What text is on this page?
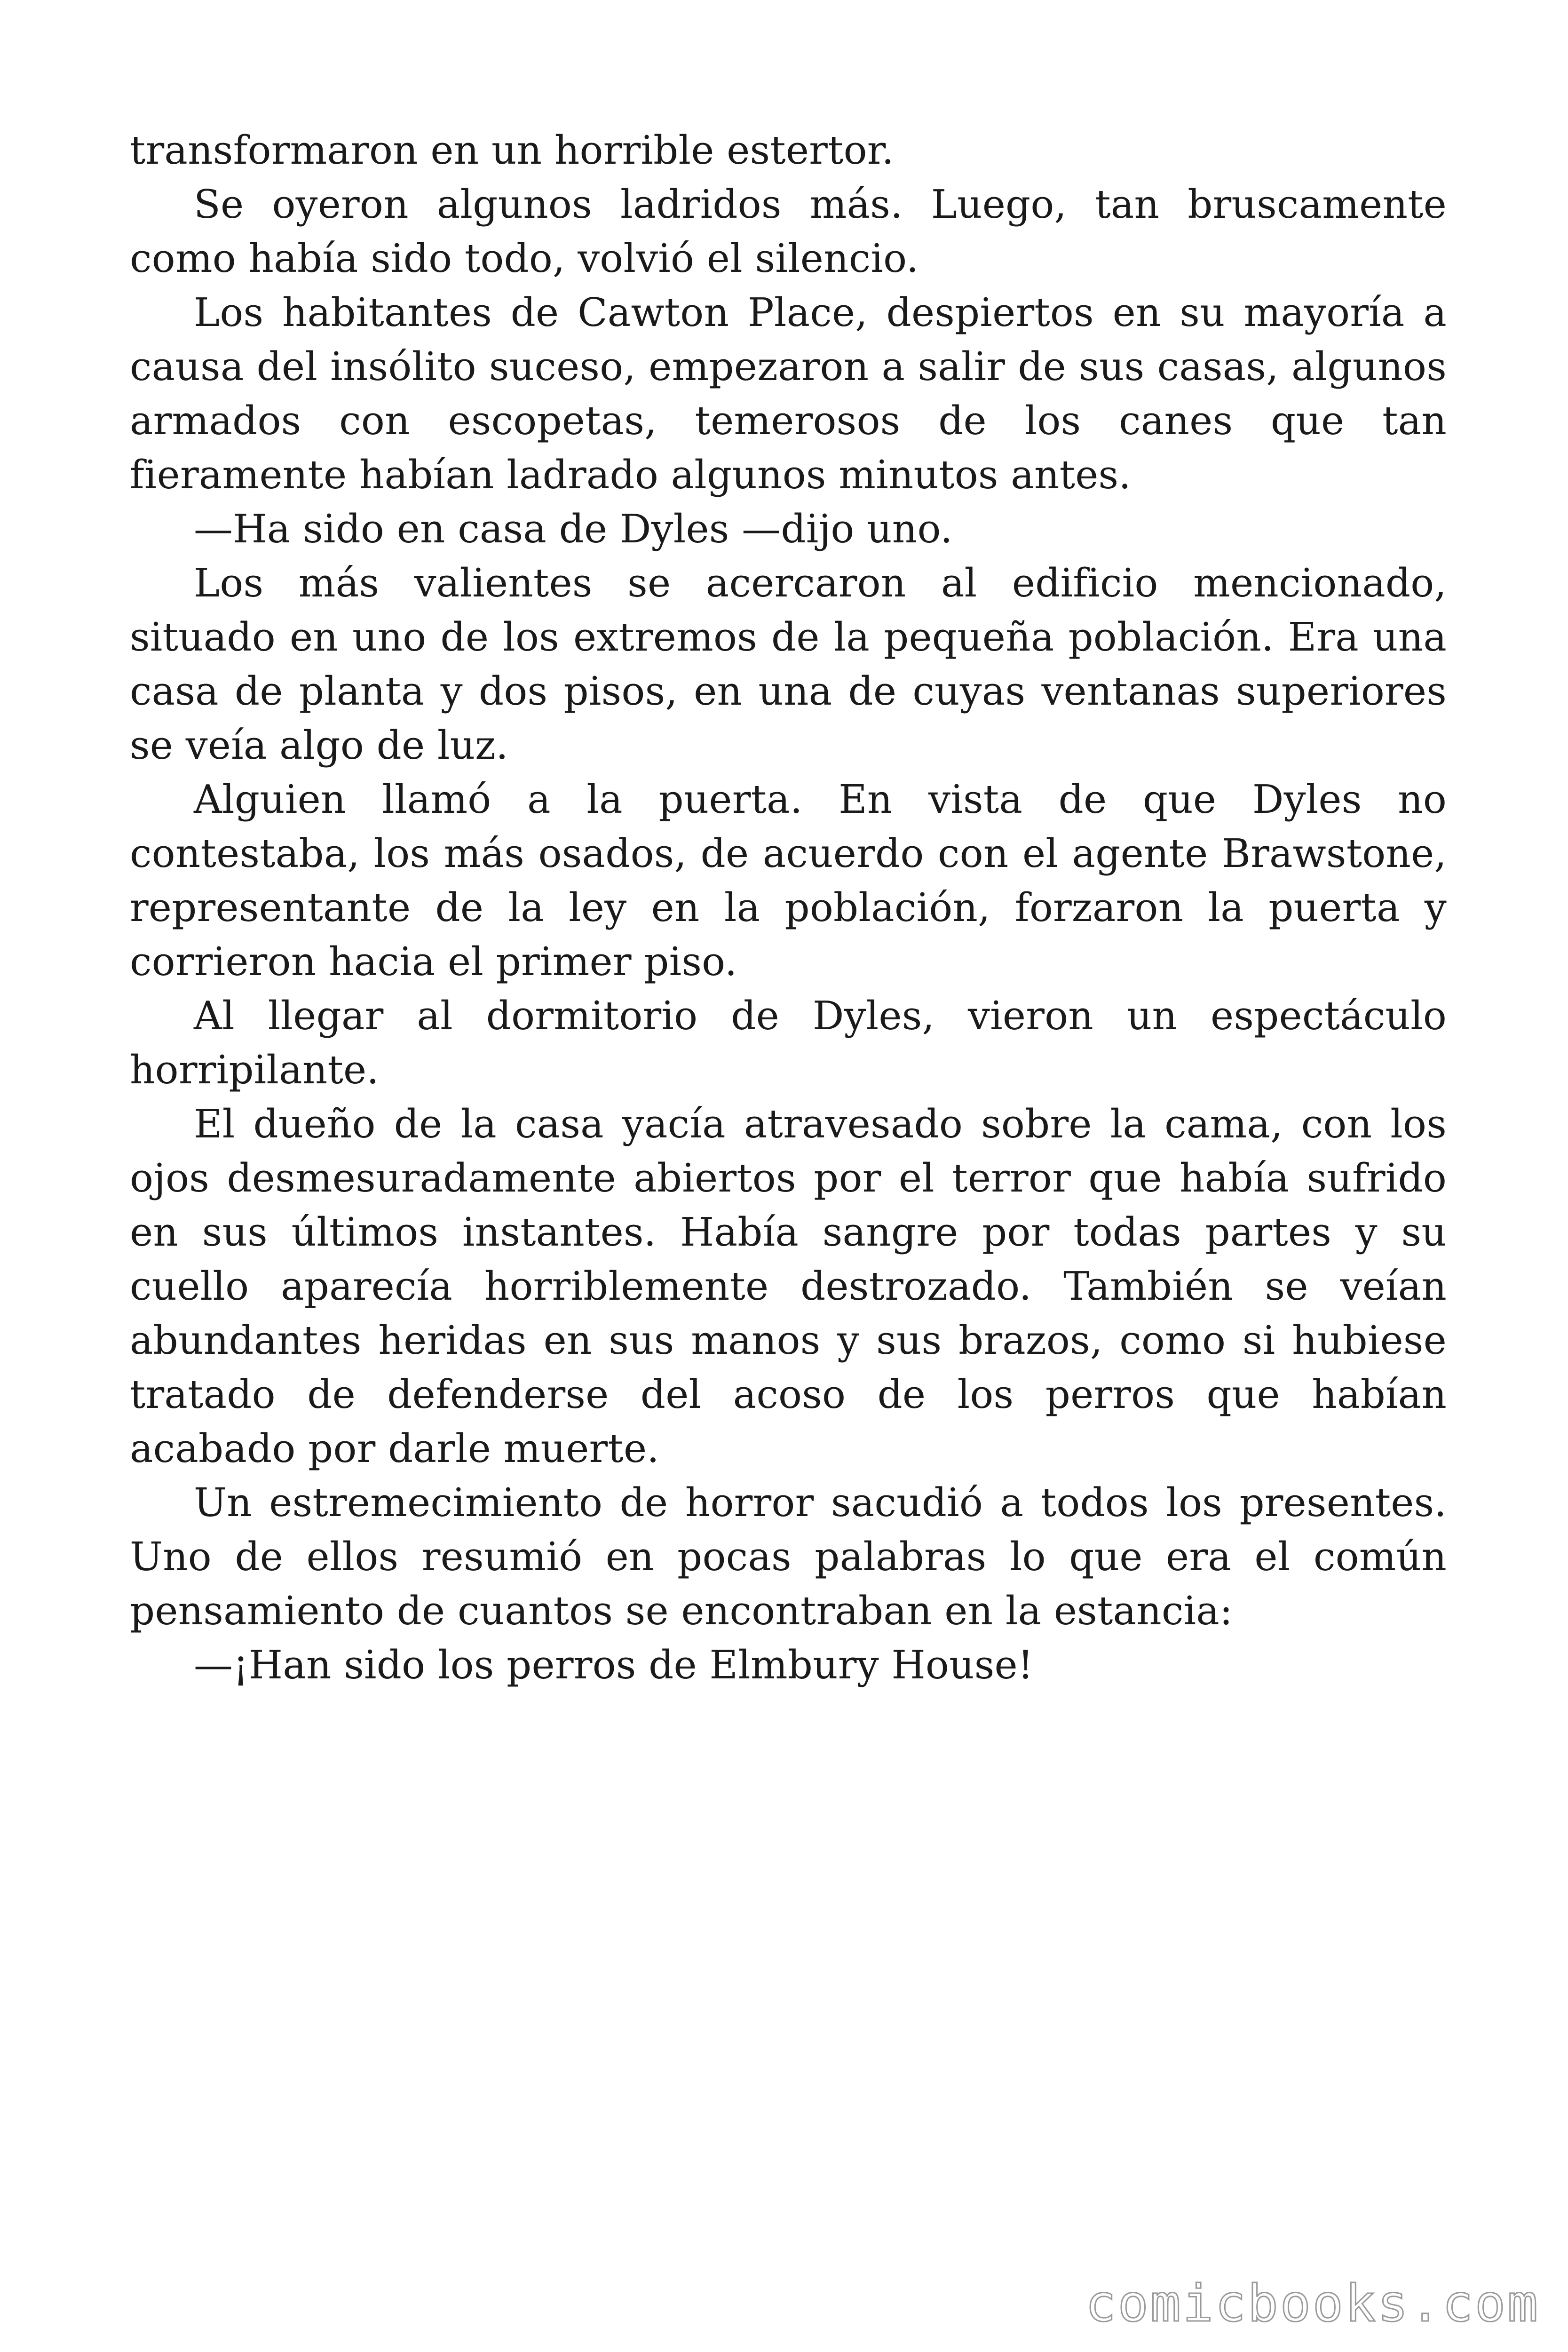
transformaron en un horrible estertor.

Se oyeron algunos ladridos más. Luego, tan bruscamente como había sido todo, volvió el silencio.

Los habitantes de Cawton Place, despiertos en su mayoría a causa del insólito suceso, empezaron a salir de sus casas, algunos armados con escopetas, temerosos de los canes que tan fieramente habían ladrado algunos minutos antes.

—Ha sido en casa de Dyles —dijo uno.

Los más valientes se acercaron al edificio mencionado, situado en uno de los extremos de la pequeña población. Era una casa de planta y dos pisos, en una de cuyas ventanas superiores se veía algo de luz.

Alguien llamó a la puerta. En vista de que Dyles no contestaba, los más osados, de acuerdo con el agente Brawstone, representante de la ley en la población, forzaron la puerta y corrieron hacia el primer piso.

Al llegar al dormitorio de Dyles, vieron un espectáculo horripilante.

El dueño de la casa yacía atravesado sobre la cama, con los ojos desmesuradamente abiertos por el terror que había sufrido en sus últimos instantes. Había sangre por todas partes y su cuello aparecía horriblemente destrozado. También se veían abundantes heridas en sus manos y sus brazos, como si hubiese tratado de defenderse del acoso de los perros que habían acabado por darle muerte.

Un estremecimiento de horror sacudió a todos los presentes. Uno de ellos resumió en pocas palabras lo que era el común pensamiento de cuantos se encontraban en la estancia:

—¡Han sido los perros de Elmbury House!

comicbooks.com
